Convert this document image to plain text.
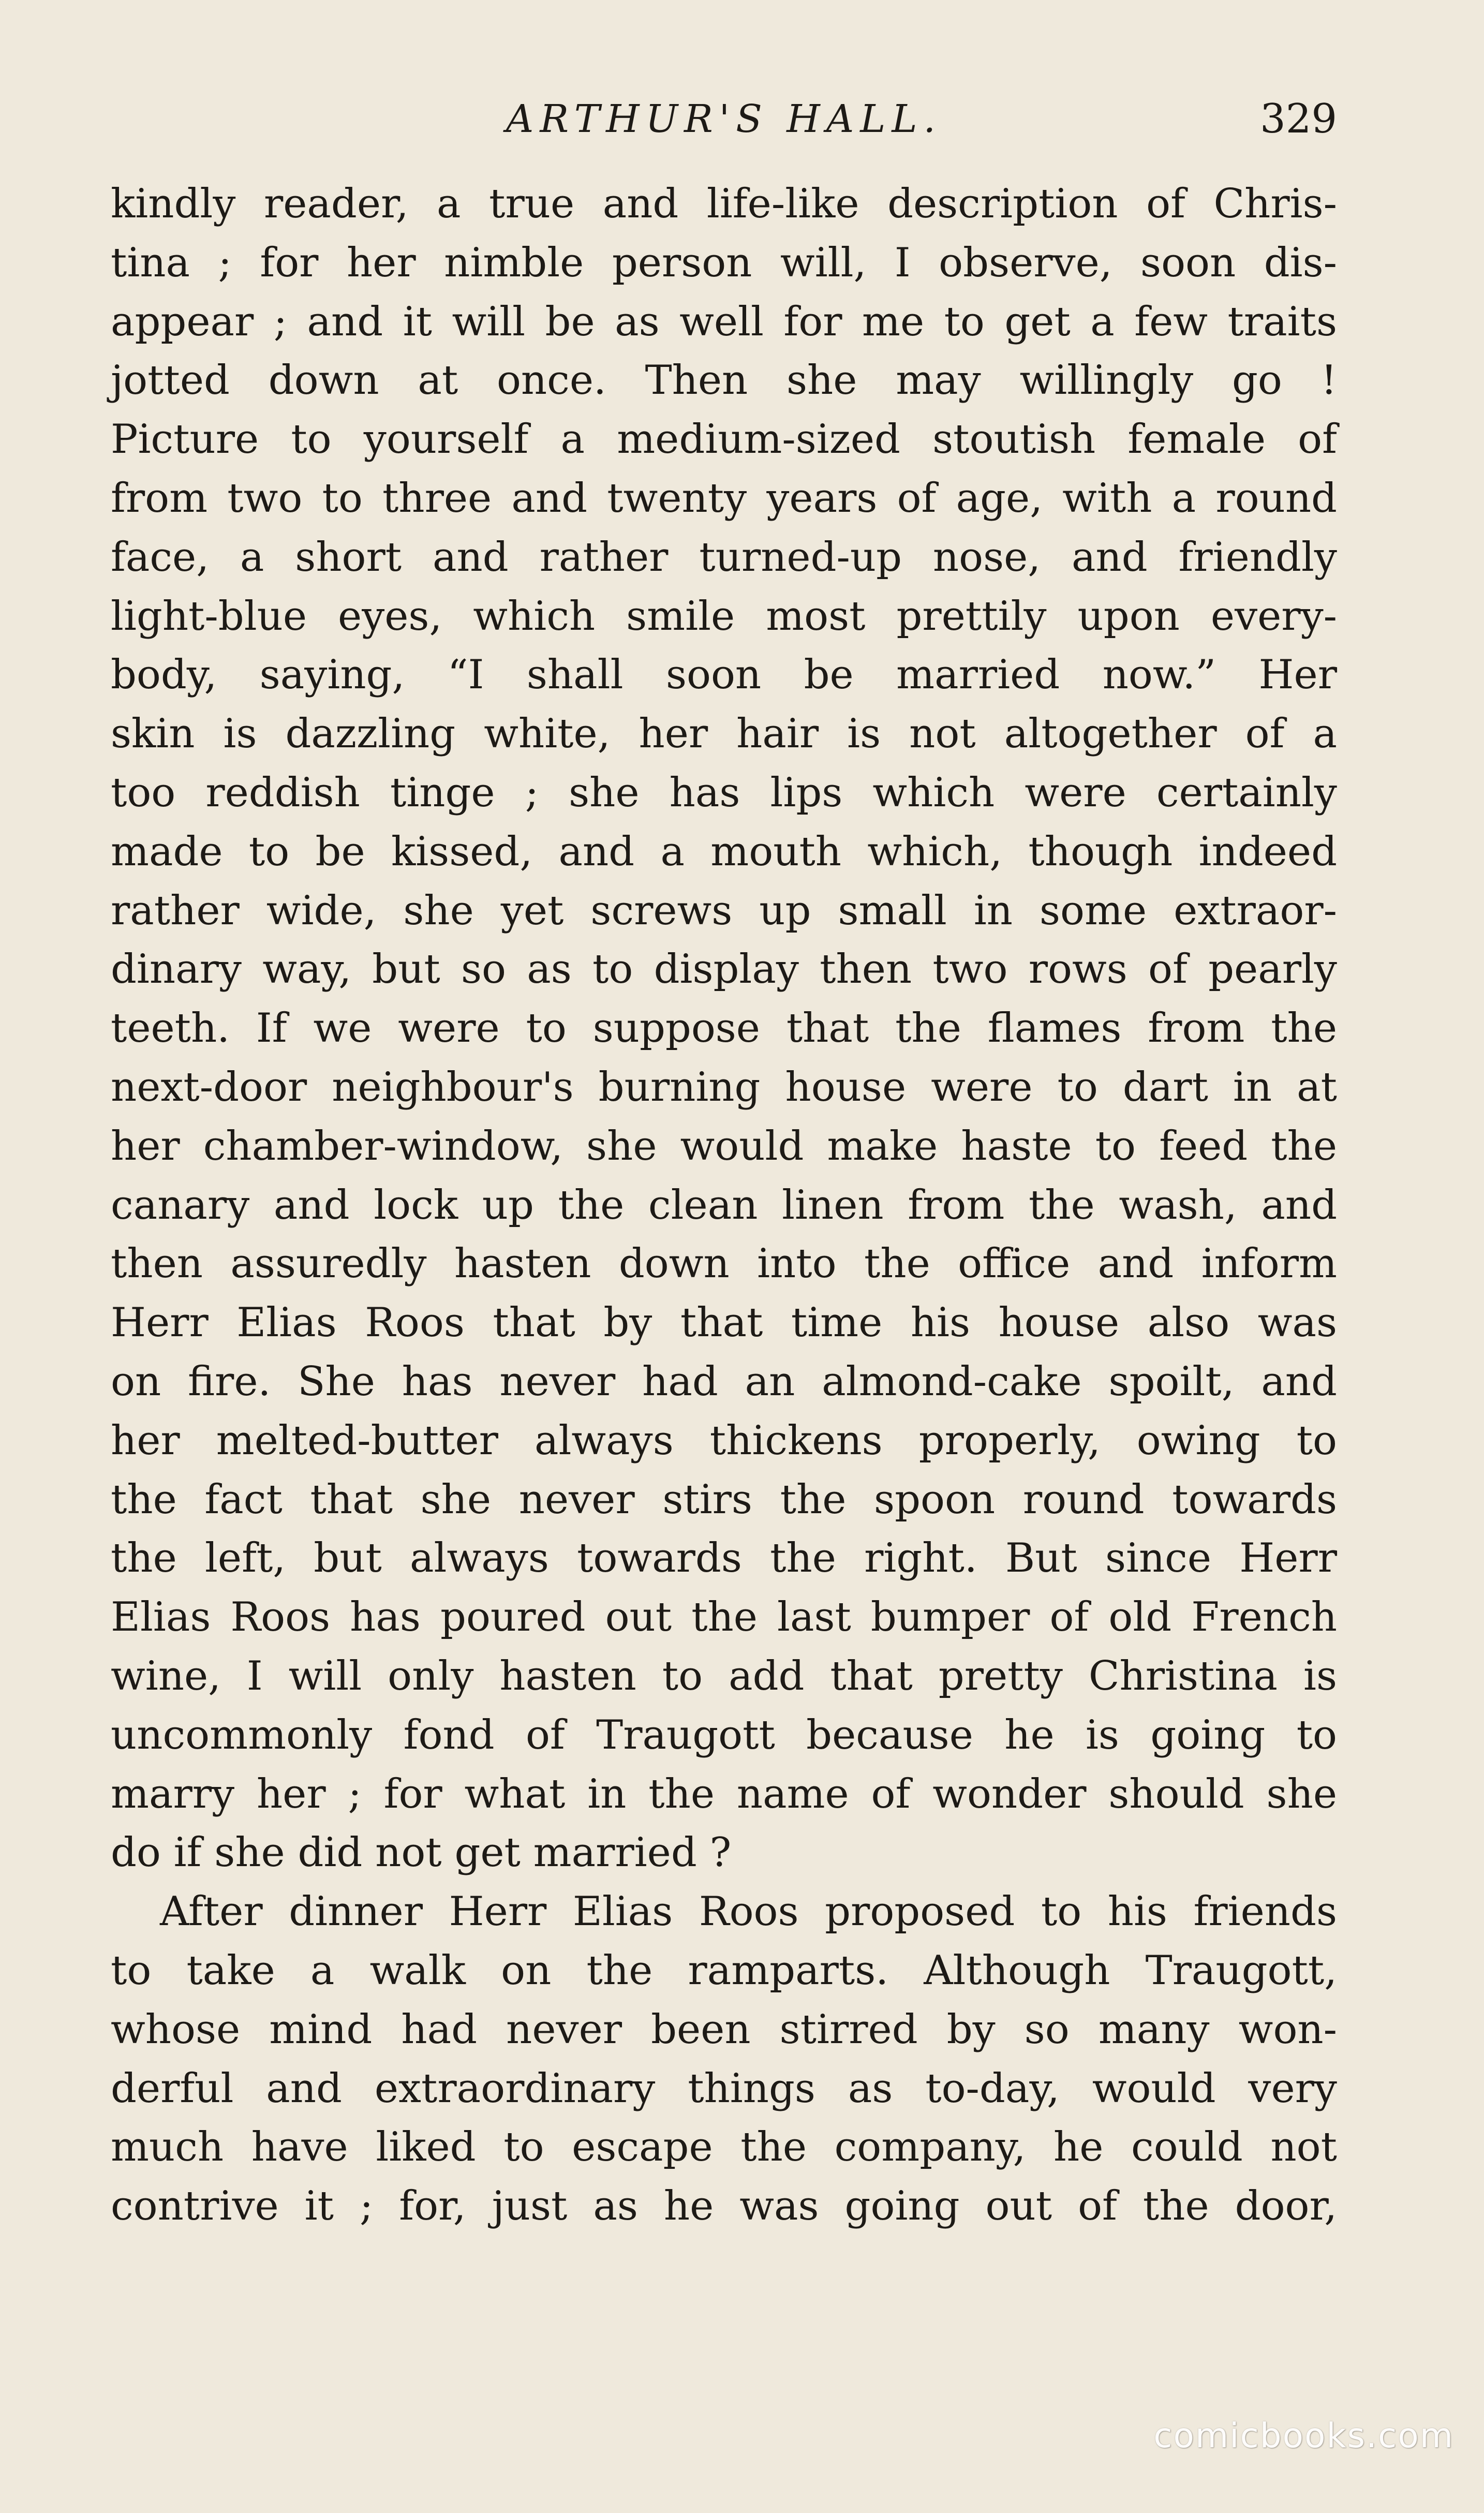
ARTHUR'S HALL.	329
kindly reader, a true and life-like description of Chris-
tina ; for her nimble person will, I observe, soon dis-
appear ; and it will be as well for me to get a few traits
jotted down at once. Then she may willingly go !
Picture to yourself a medium-sized stoutish female of
from two to three and twenty years of age, with a round
face, a short and rather turned-up nose, and friendly
light-blue eyes, which smile most prettily upon every-
body, saying, “I shall soon be married now.” Her
skin is dazzling white, her hair is not altogether of a
too reddish tinge ; she has lips which were certainly
made to be kissed, and a mouth which, though indeed
rather wide, she yet screws up small in some extraor-
dinary way, but so as to display then two rows of pearly
teeth. If we were to suppose that the flames from the
next-door neighbour's burning house were to dart in at
her chamber-window, she would make haste to feed the
canary and lock up the clean linen from the wash, and
then assuredly hasten down into the office and inform
Herr Elias Roos that by that time his house also was
on fire. She has never had an almond-cake spoilt, and
her melted-butter always thickens properly, owing to
the fact that she never stirs the spoon round towards
the left, but always towards the right. But since Herr
Elias Roos has poured out the last bumper of old French
wine, I will only hasten to add that pretty Christina is
uncommonly fond of Traugott because he is going to
marry her ; for what in the name of wonder should she
do if she did not get married ?
After dinner Herr Elias Roos proposed to his friends
to take a walk on the ramparts. Although Traugott,
whose mind had never been stirred by so many won-
derful and extraordinary things as to-day, would very
much have liked to escape the company, he could not
contrive it ; for, just as he was going out of the door,
comicbooks.com
